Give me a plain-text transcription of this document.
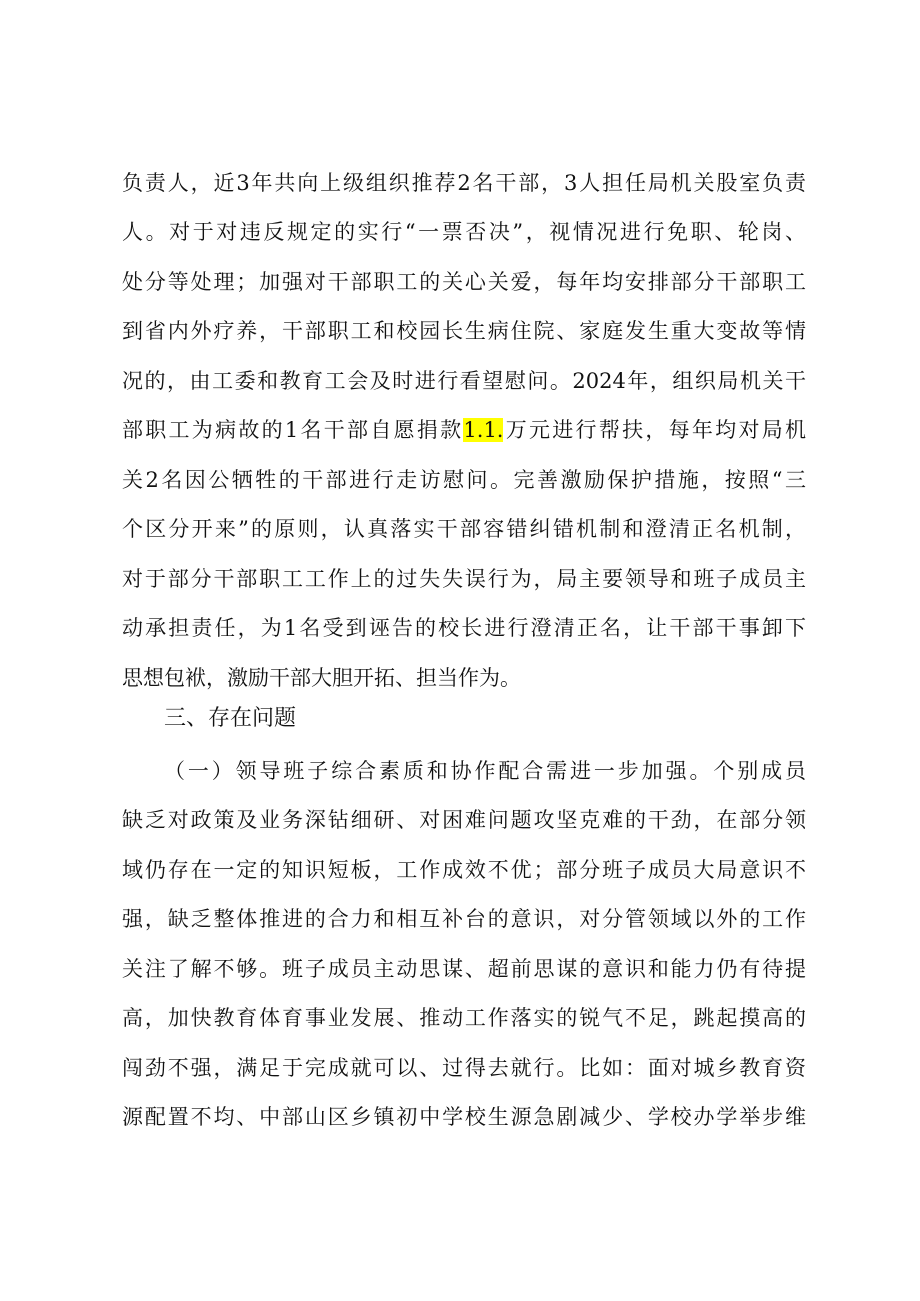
负责人，近3年共向上级组织推荐2名干部，3人担任局机关股室负责
人。对于对违反规定的实行“一票否决”，视情况进行免职、轮岗、
处分等处理；加强对干部职工的关心关爱，每年均安排部分干部职工
到省内外疗养，干部职工和校园长生病住院、家庭发生重大变故等情
况的，由工委和教育工会及时进行看望慰问。2024年，组织局机关干
部职工为病故的1名干部自愿捐款1.1.万元进行帮扶，每年均对局机
关2名因公牺牲的干部进行走访慰问。完善激励保护措施，按照“三
个区分开来”的原则，认真落实干部容错纠错机制和澄清正名机制，
对于部分干部职工工作上的过失失误行为，局主要领导和班子成员主
动承担责任，为1名受到诬告的校长进行澄清正名，让干部干事卸下
思想包袱，激励干部大胆开拓、担当作为。
三、存在问题
（一）领导班子综合素质和协作配合需进一步加强。个别成员
缺乏对政策及业务深钻细研、对困难问题攻坚克难的干劲，在部分领
域仍存在一定的知识短板，工作成效不优；部分班子成员大局意识不
强，缺乏整体推进的合力和相互补台的意识，对分管领域以外的工作
关注了解不够。班子成员主动思谋、超前思谋的意识和能力仍有待提
高，加快教育体育事业发展、推动工作落实的锐气不足，跳起摸高的
闯劲不强，满足于完成就可以、过得去就行。比如：面对城乡教育资
源配置不均、中部山区乡镇初中学校生源急剧减少、学校办学举步维
